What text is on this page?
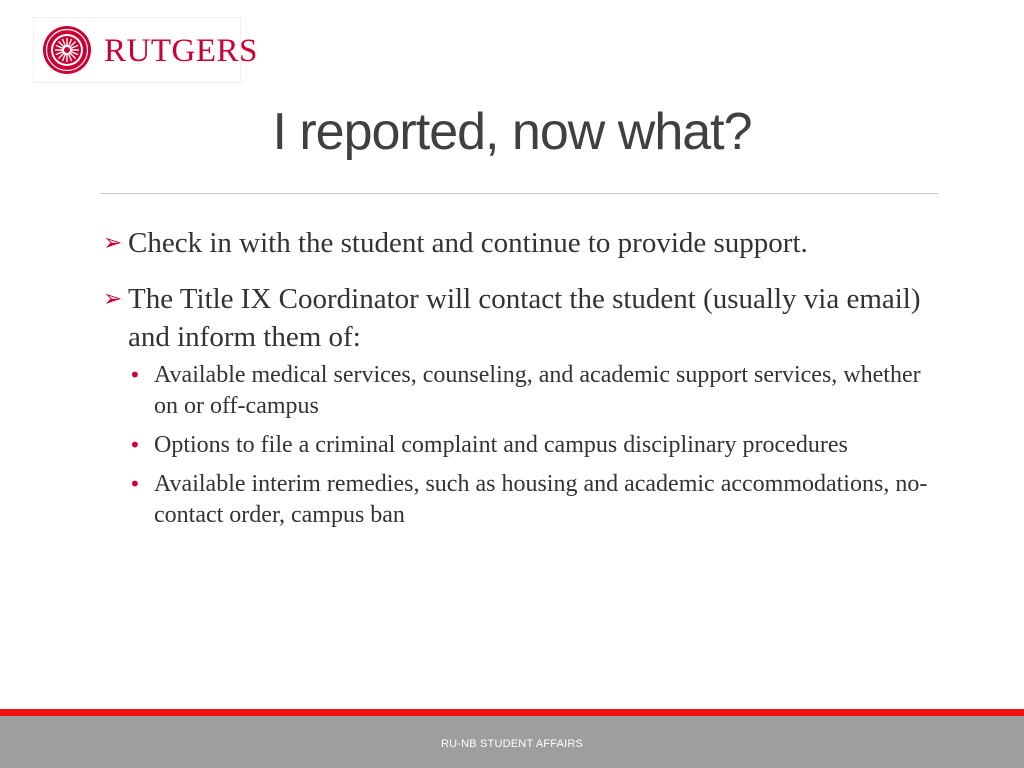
RUTGERS
I reported, now what?
➢ Check in with the student and continue to provide support.
➢ The Title IX Coordinator will contact the student (usually via email) and inform them of:
• Available medical services, counseling, and academic support services, whether on or off-campus
• Options to file a criminal complaint and campus disciplinary procedures
• Available interim remedies, such as housing and academic accommodations, no-contact order, campus ban
RU-NB STUDENT AFFAIRS
